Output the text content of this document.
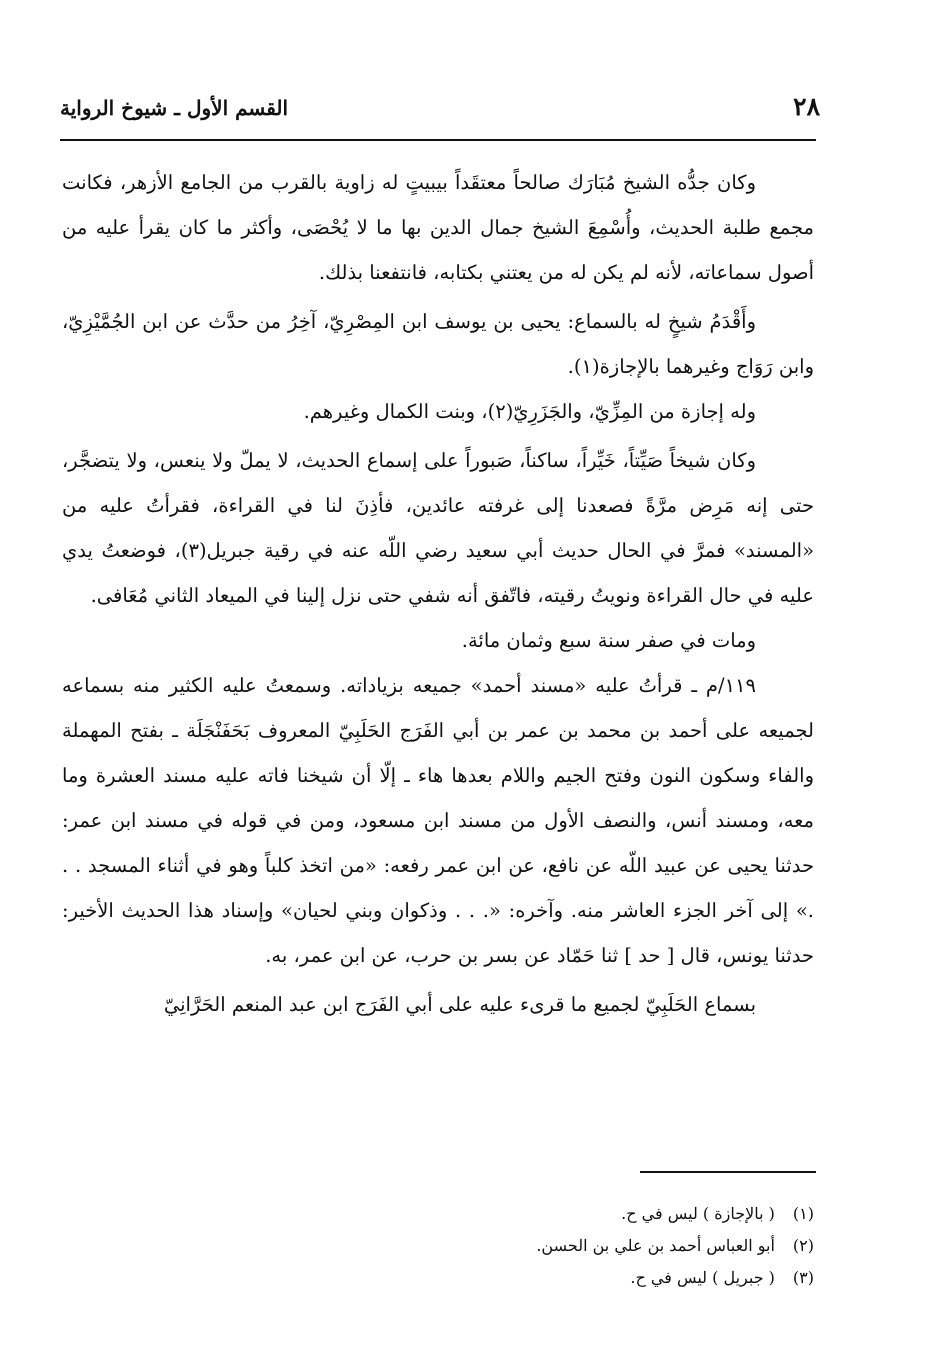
٢٨
القسم الأول ـ شيوخ الرواية

وكان جدُّه الشيخ مُبَارَك صالحاً معتقَداً بيبيتٍ له زاوية بالقرب من الجامع الأزهر، فكانت مجمع طلبة الحديث، وأُسْمِعَ الشيخ جمال الدين بها ما لا يُحْصَى، وأكثر ما كان يقرأ عليه من أصول سماعاته، لأنه لم يكن له من يعتني بكتابه، فانتفعنا بذلك.

وأَقْدَمُ شيخٍ له بالسماع: يحيى بن يوسف ابن المِصْرِيّ، آخِرُ من حدَّث عن ابن الجُمَّيْزِيّ، وابن رَوَاج وغيرهما بالإجازة(١).

وله إجازة من المِزِّيّ، والجَزَرِيّ(٢)، وبنت الكمال وغيرهم.

وكان شيخاً صَيِّتاً، خَيِّراً، ساكناً، صَبوراً على إسماع الحديث، لا يملّ ولا ينعس، ولا يتضجَّر، حتى إنه مَرِض مرَّةً فصعدنا إلى غرفته عائدين، فأذِنَ لنا في القراءة، فقرأتُ عليه من «المسند» فمرَّ في الحال حديث أبي سعيد رضي اللّه عنه في رقية جبريل(٣)، فوضعتُ يدي عليه في حال القراءة ونويتُ رقيته، فاتّفق أنه شفي حتى نزل إلينا في الميعاد الثاني مُعَافى.

ومات في صفر سنة سبع وثمان مائة.

١١٩/م ـ قرأتُ عليه «مسند أحمد» جميعه بزياداته. وسمعتُ عليه الكثير منه بسماعه لجميعه على أحمد بن محمد بن عمر بن أبي الفَرَج الحَلَبِيّ المعروف بَحَفَنْجَلَة ـ بفتح المهملة والفاء وسكون النون وفتح الجيم واللام بعدها هاء ـ إلّا أن شيخنا فاته عليه مسند العشرة وما معه، ومسند أنس، والنصف الأول من مسند ابن مسعود، ومن في قوله في مسند ابن عمر: حدثنا يحيى عن عبيد اللّه عن نافع، عن ابن عمر رفعه: «من اتخذ كلباً وهو في أثناء المسجد . . .» إلى آخر الجزء العاشر منه. وآخره: «. . . وذكوان وبني لحيان» وإسناد هذا الحديث الأخير: حدثنا يونس، قال [ حد ] ثنا حَمّاد عن بسر بن حرب، عن ابن عمر، به.

بسماع الحَلَبِيّ لجميع ما قرىء عليه على أبي الفَرَج ابن عبد المنعم الحَرَّانِيّ

(١) ( بالإجازة ) ليس في ح.
(٢) أبو العباس أحمد بن علي بن الحسن.
(٣) ( جبريل ) ليس في ح.
